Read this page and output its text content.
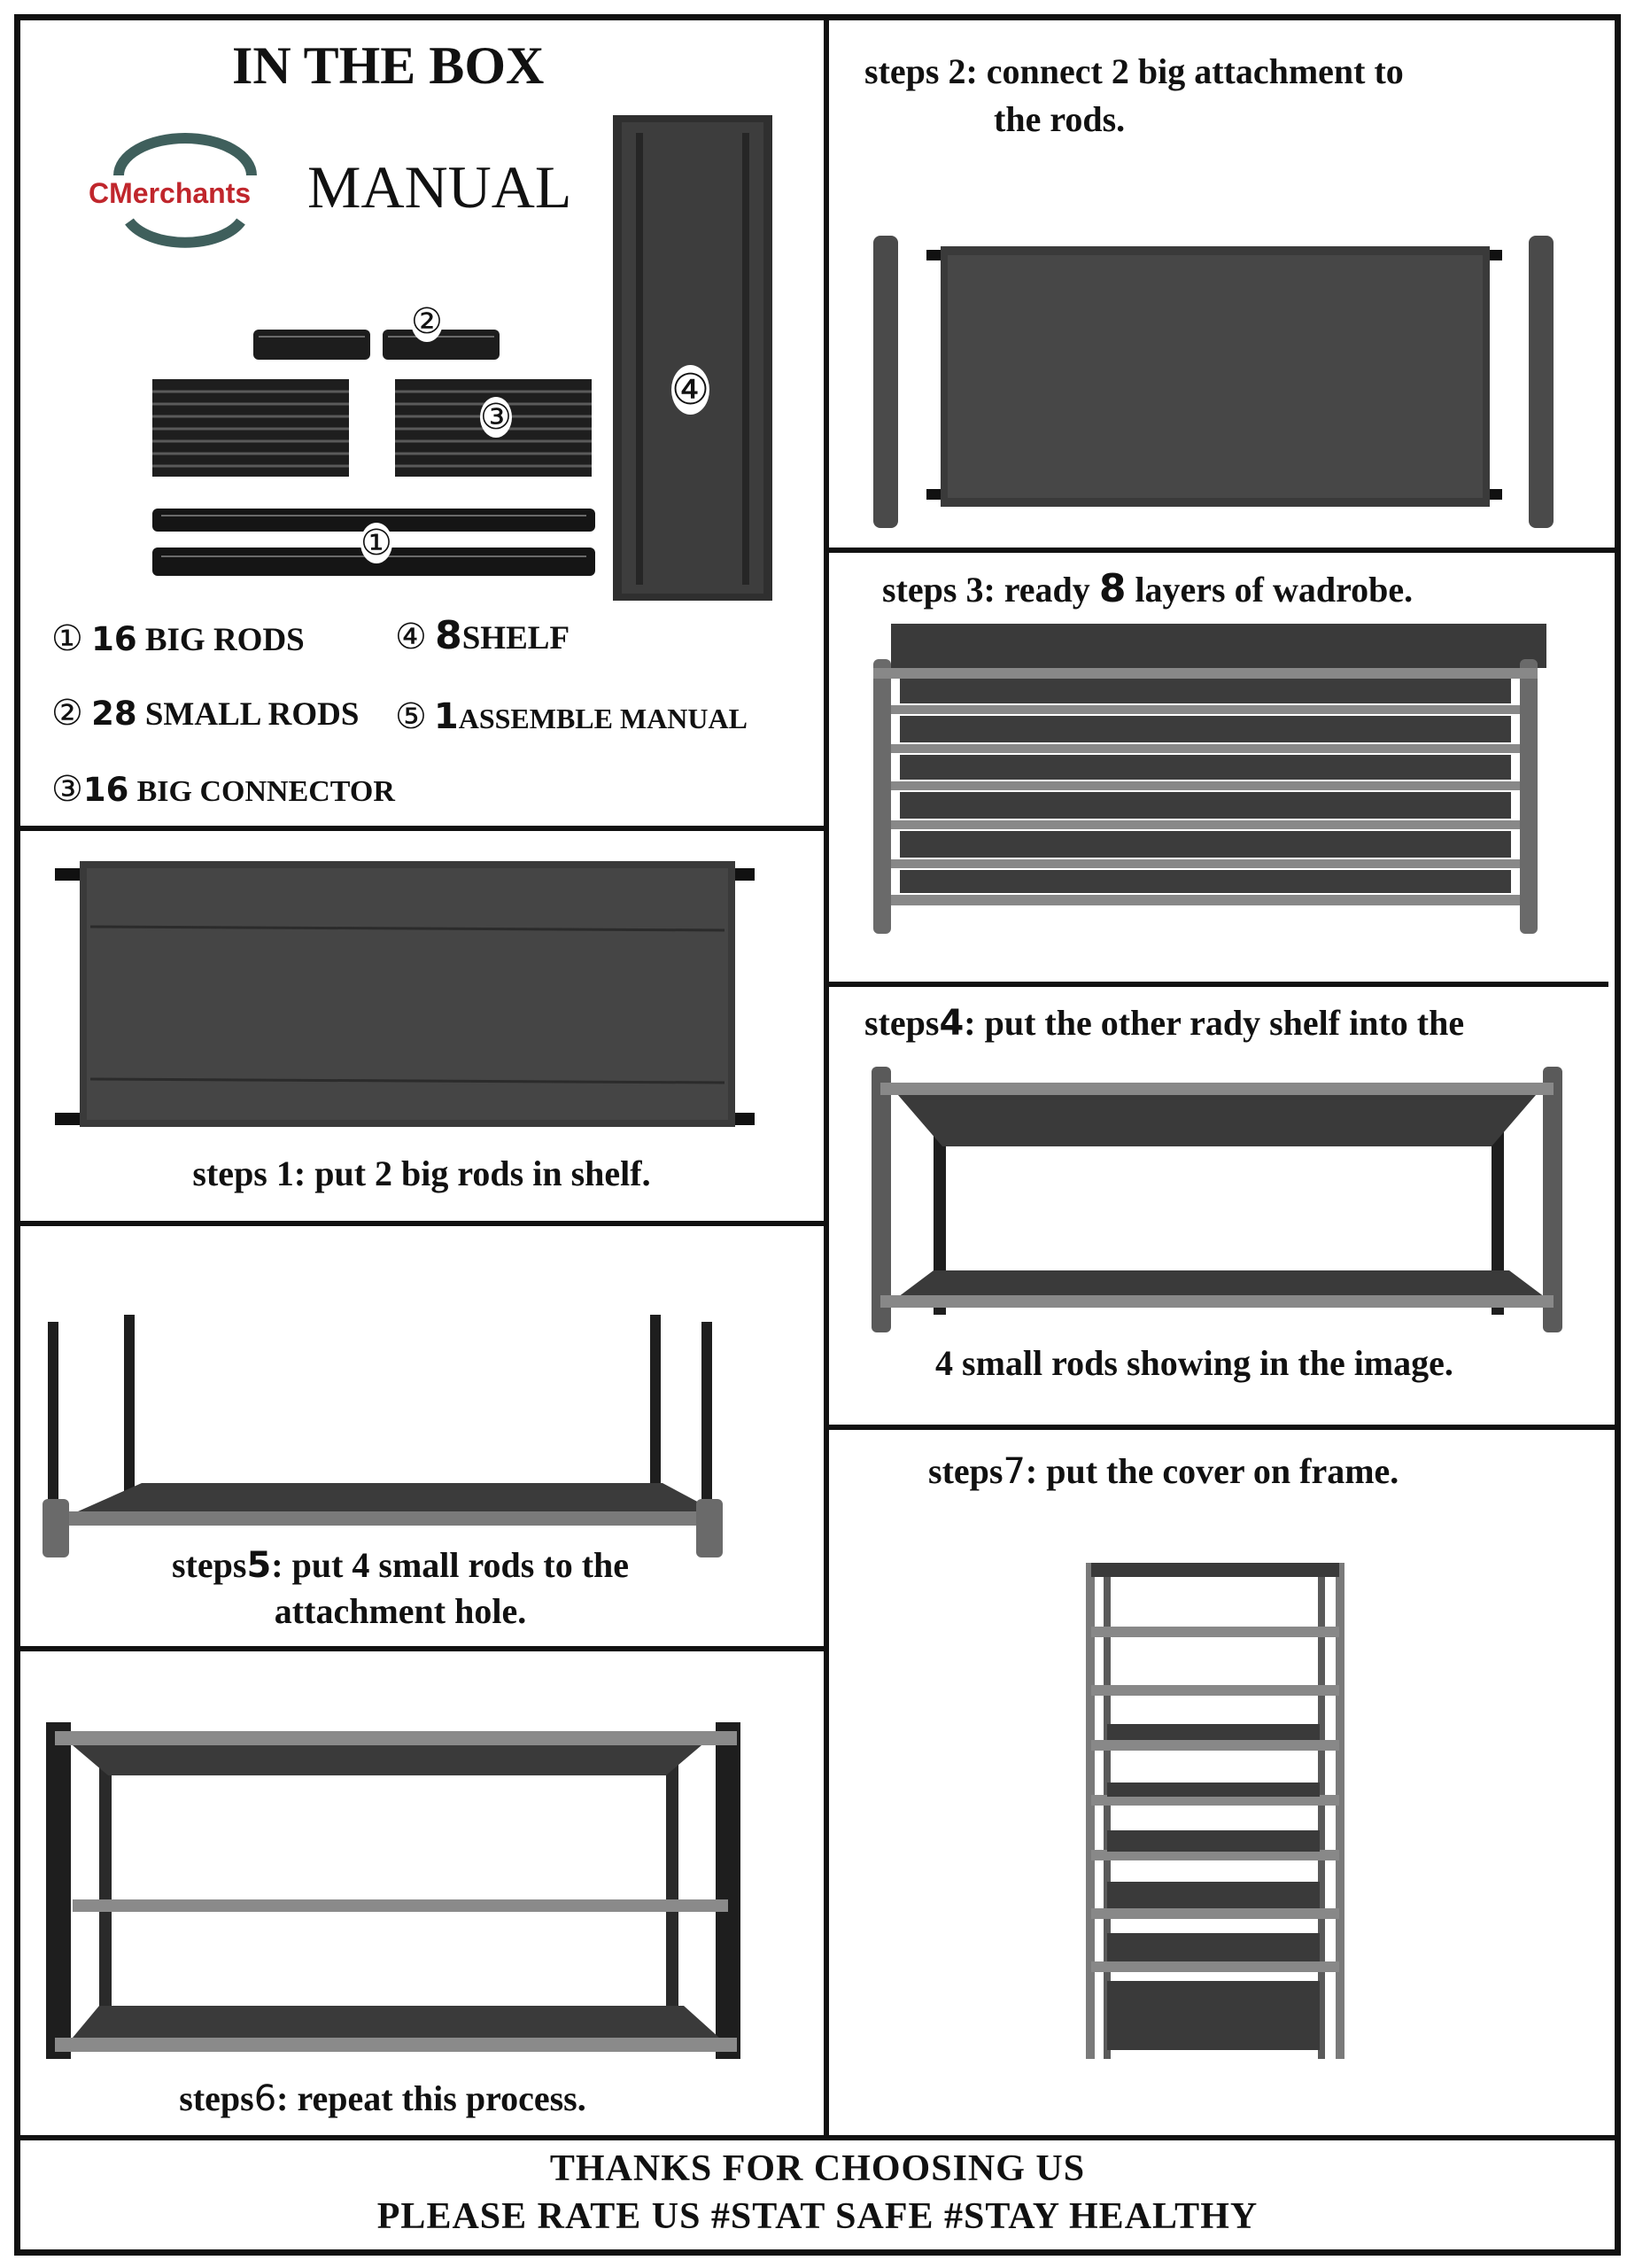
IN THE BOX
CMerchants MANUAL
②
③
④
①
① 16 BIG RODS	④ 8SHELF
② 28 SMALL RODS ⑤ 1ASSEMBLE MANUAL
③16 BIG CONNECTOR
steps 1: put 2 big rods in shelf.
steps5: put 4 small rods to the
attachment hole.
steps6: repeat this process.
steps 2: connect 2 big attachment to
the rods.
steps 3: ready 8 layers of wadrobe.
steps4: put the other rady shelf into the
4 small rods showing in the image.
steps7: put the cover on frame.
THANKS FOR CHOOSING US
PLEASE RATE US #STAT SAFE #STAY HEALTHY
